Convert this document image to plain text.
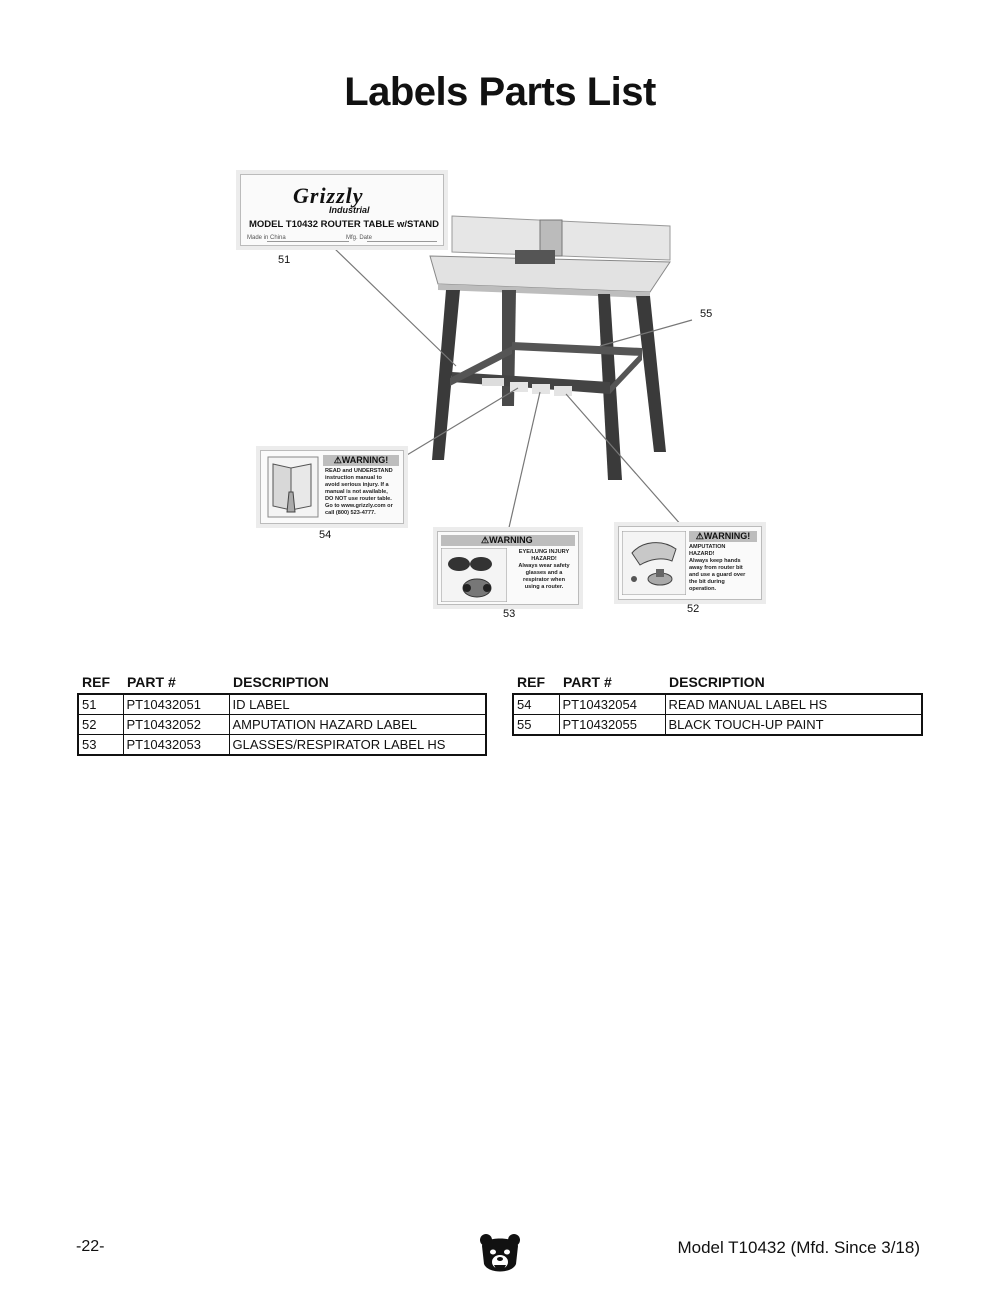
Labels Parts List
51
55
54
53	52
Grizzly
Industrial
MODEL T10432 ROUTER TABLE w/STAND
Made in China	Mfg. Date
⚠WARNING!
READ and UNDERSTAND
instruction manual to
avoid serious injury. If a
manual is not available,
DO NOT use router table.
Go to www.grizzly.com or
call (800) 523-4777.
⚠WARNING
EYE/LUNG INJURY
HAZARD!
Always wear safety
glasses and a
respirator when
using a router.
⚠WARNING!
AMPUTATION
HAZARD!
Always keep hands
away from router bit
and use a guard over
the bit during
operation.
REF	PART #	DESCRIPTION
51	PT10432051	ID LABEL
52	PT10432052	AMPUTATION HAZARD LABEL
53	PT10432053	GLASSES/RESPIRATOR LABEL HS
REF	PART #	DESCRIPTION
54	PT10432054	READ MANUAL LABEL HS
55	PT10432055	BLACK TOUCH-UP PAINT
-22-	Model T10432 (Mfd. Since 3/18)
